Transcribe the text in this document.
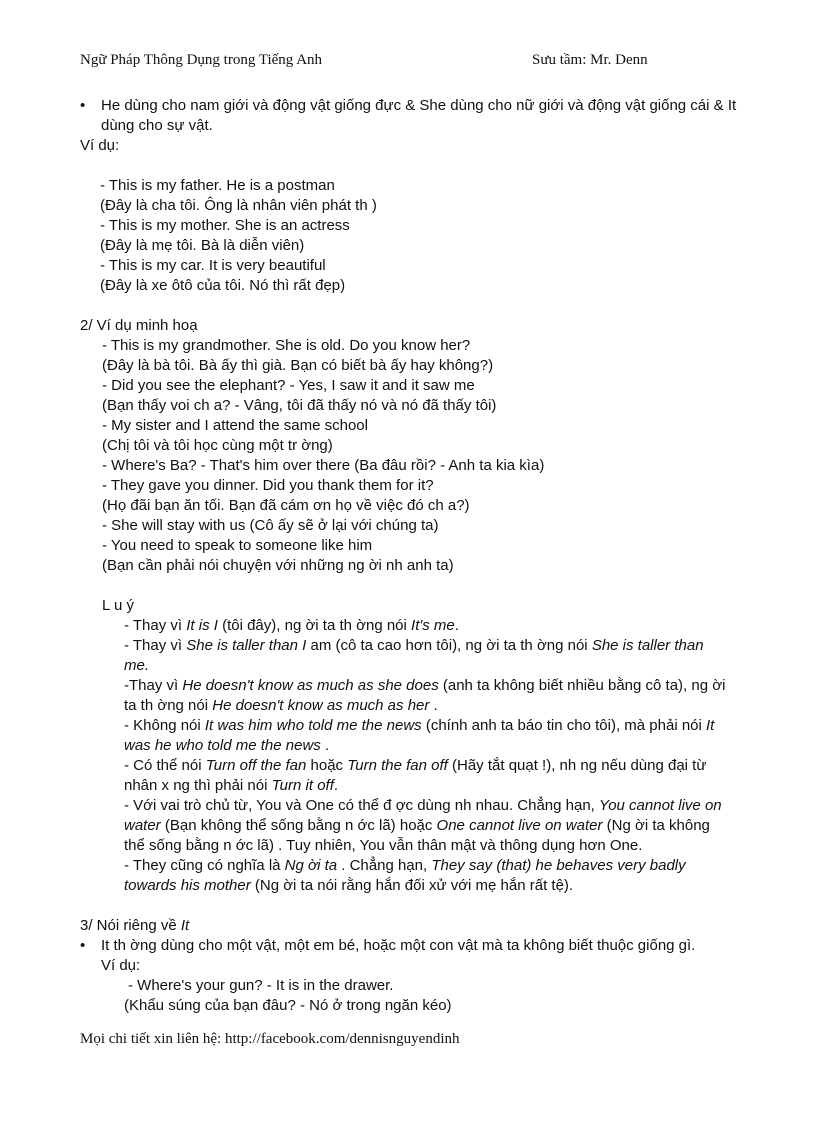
Ngữ Pháp Thông Dụng trong Tiếng Anh	Sưu tầm: Mr. Denn
• He dùng cho nam giới và động vật giống đực & She dùng cho nữ giới và động vật giống cái & It
dùng cho sự vật.
Ví dụ:
- This is my father. He is a postman
(Đây là cha tôi. Ông là nhân viên phát th )
- This is my mother. She is an actress
(Đây là mẹ tôi. Bà là diễn viên)
- This is my car. It is very beautiful
(Đây là xe ôtô của tôi. Nó thì rất đẹp)
2/ Ví dụ minh hoạ
- This is my grandmother. She is old. Do you know her?
(Đây là bà tôi. Bà ấy thì già. Bạn có biết bà ấy hay không?)
- Did you see the elephant? - Yes, I saw it and it saw me
(Bạn thấy voi ch a? - Vâng, tôi đã thấy nó và nó đã thấy tôi)
- My sister and I attend the same school
(Chị tôi và tôi học cùng một tr ờng)
- Where's Ba? - That's him over there (Ba đâu rồi? - Anh ta kia kìa)
- They gave you dinner. Did you thank them for it?
(Họ đãi bạn ăn tối. Bạn đã cám ơn họ về việc đó ch a?)
- She will stay with us (Cô ấy sẽ ở lại với chúng ta)
- You need to speak to someone like him
(Bạn cần phải nói chuyện với những ng ời nh anh ta)
L u ý
- Thay vì It is I (tôi đây), ng ời ta th ờng nói It's me.
- Thay vì She is taller than I am (cô ta cao hơn tôi), ng ời ta th ờng nói She is taller than
me.
-Thay vì He doesn't know as much as she does (anh ta không biết nhiều bằng cô ta), ng ời
ta th ờng nói He doesn't know as much as her .
- Không nói It was him who told me the news (chính anh ta báo tin cho tôi), mà phải nói It
was he who told me the news .
- Có thể nói Turn off the fan hoặc Turn the fan off (Hãy tắt quạt !), nh ng nếu dùng đại từ
nhân x ng thì phải nói Turn it off.
- Với vai trò chủ từ, You và One có thể đ ợc dùng nh nhau. Chẳng hạn, You cannot live on
water (Bạn không thể sống bằng n ớc lã) hoặc One cannot live on water (Ng ời ta không
thể sống bằng n ớc lã) . Tuy nhiên, You vẫn thân mật và thông dụng hơn One.
- They cũng có nghĩa là Ng ời ta . Chẳng hạn, They say (that) he behaves very badly
towards his mother (Ng ời ta nói rằng hắn đối xử với mẹ hắn rất tệ).
3/ Nói riêng về It
• It th ờng dùng cho một vật, một em bé, hoặc một con vật mà ta không biết thuộc giống gì.
Ví dụ:
- Where's your gun? - It is in the drawer.
(Khẩu súng của bạn đâu? - Nó ở trong ngăn kéo)
Mọi chi tiết xin liên hệ: http://facebook.com/dennisnguyendinh
